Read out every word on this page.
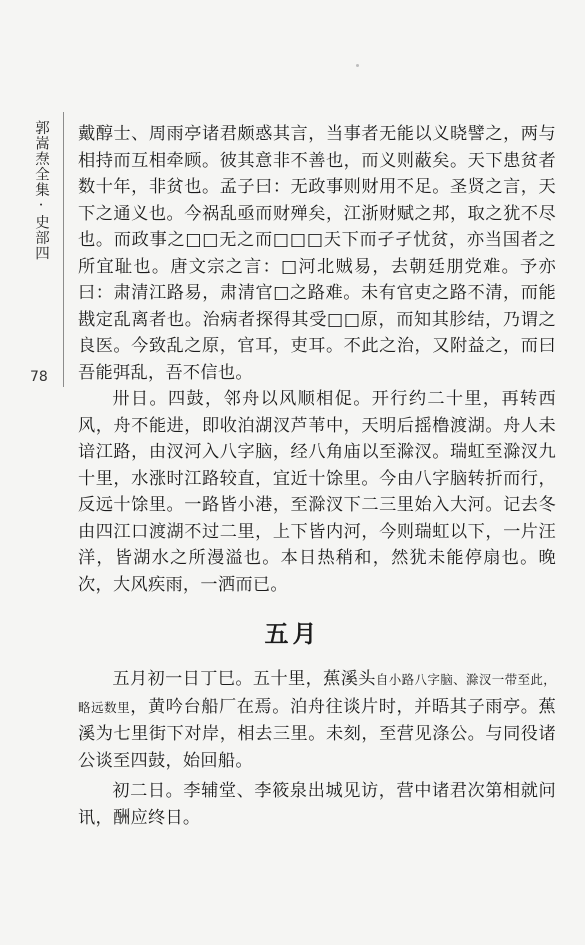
郭嵩焘全集·史部四
78

戴醇士、周雨亭诸君颇惑其言，当事者无能以义晓譬之，两与相持而互相牵顾。彼其意非不善也，而义则蔽矣。天下患贫者数十年，非贫也。孟子曰：无政事则财用不足。圣贤之言，天下之通义也。今祸乱亟而财殚矣，江浙财赋之邦，取之犹不尽也。而政事之□□无之而□□□天下而孑孑忧贫，亦当国者之所宜耻也。唐文宗之言：□河北贼易，去朝廷朋党难。予亦曰：肃清江路易，肃清官□之路难。未有官吏之路不清，而能戡定乱离者也。治病者探得其受□□原，而知其胗结，乃谓之良医。今致乱之原，官耳，吏耳。不此之治，又附益之，而曰吾能弭乱，吾不信也。

卅日。四鼓，邻舟以风顺相促。开行约二十里，再转西风，舟不能进，即收泊湖汊芦苇中，天明后摇橹渡湖。舟人未谙江路，由汊河入八字脑，经八角庙以至滁汊。瑞虹至滁汊九十里，水涨时江路较直，宜近十馀里。今由八字脑转折而行，反远十馀里。一路皆小港，至滁汊下二三里始入大河。记去冬由四江口渡湖不过二里，上下皆内河，今则瑞虹以下，一片汪洋，皆湖水之所漫溢也。本日热稍和，然犹未能停扇也。晚次，大风疾雨，一洒而已。

五月

五月初一日丁巳。五十里，蕉溪头自小路八字脑、滁汊一带至此，略远数里，黄吟台船厂在焉。泊舟往谈片时，并晤其子雨亭。蕉溪为七里街下对岸，相去三里。未刻，至营见涤公。与同役诸公谈至四鼓，始回船。

初二日。李辅堂、李筱泉出城见访，营中诸君次第相就问讯，酬应终日。
